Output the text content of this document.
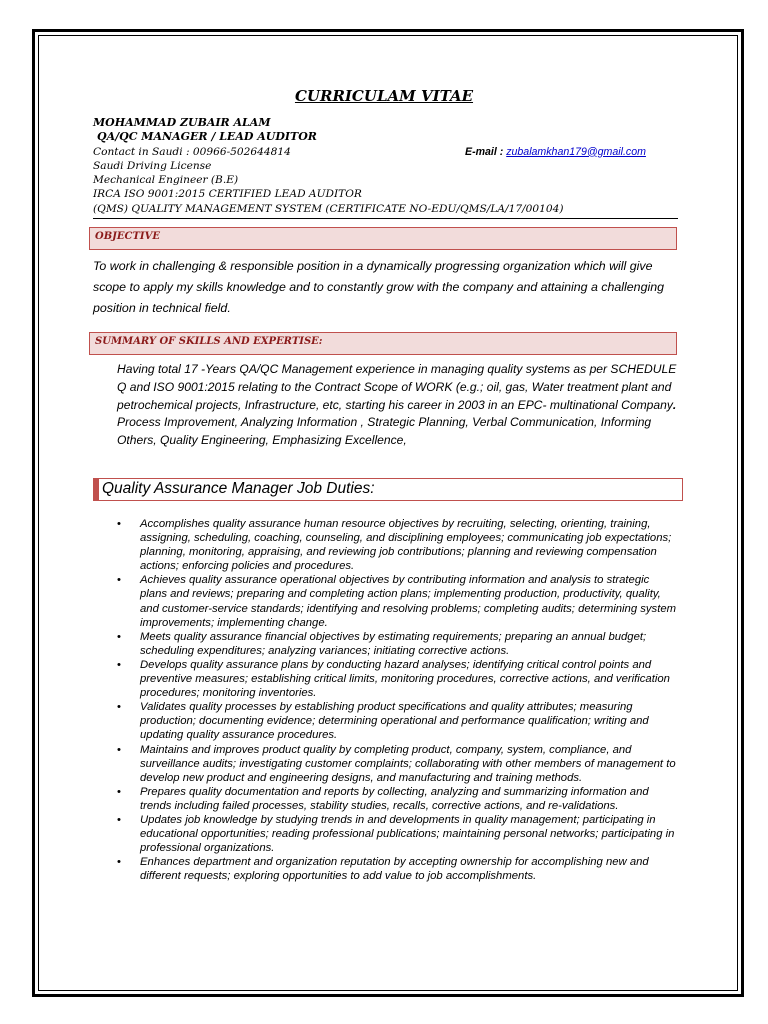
CURRICULAM VITAE
MOHAMMAD ZUBAIR ALAM
QA/QC MANAGER / LEAD AUDITOR
Contact in Saudi : 00966-502644814	E-mail : zubalamkhan179@gmail.com
Saudi Driving License
Mechanical Engineer (B.E)
IRCA ISO 9001:2015 CERTIFIED LEAD AUDITOR
(QMS) QUALITY MANAGEMENT SYSTEM (CERTIFICATE NO-EDU/QMS/LA/17/00104)
OBJECTIVE
To work in challenging & responsible position in a dynamically progressing organization which will give scope to apply my skills knowledge and to constantly grow with the company and attaining a challenging position in technical field.
SUMMARY OF SKILLS AND EXPERTISE:
Having total 17 -Years QA/QC Management experience in managing quality systems as per SCHEDULE Q and ISO 9001:2015 relating to the Contract Scope of WORK (e.g.; oil, gas, Water treatment plant and petrochemical projects, Infrastructure, etc, starting his career in 2003 in an EPC- multinational Company. Process Improvement, Analyzing Information , Strategic Planning, Verbal Communication, Informing Others, Quality Engineering, Emphasizing Excellence,
Quality Assurance Manager Job Duties:
• Accomplishes quality assurance human resource objectives by recruiting, selecting, orienting, training, assigning, scheduling, coaching, counseling, and disciplining employees; communicating job expectations; planning, monitoring, appraising, and reviewing job contributions; planning and reviewing compensation actions; enforcing policies and procedures.
• Achieves quality assurance operational objectives by contributing information and analysis to strategic plans and reviews; preparing and completing action plans; implementing production, productivity, quality, and customer-service standards; identifying and resolving problems; completing audits; determining system improvements; implementing change.
• Meets quality assurance financial objectives by estimating requirements; preparing an annual budget; scheduling expenditures; analyzing variances; initiating corrective actions.
• Develops quality assurance plans by conducting hazard analyses; identifying critical control points and preventive measures; establishing critical limits, monitoring procedures, corrective actions, and verification procedures; monitoring inventories.
• Validates quality processes by establishing product specifications and quality attributes; measuring production; documenting evidence; determining operational and performance qualification; writing and updating quality assurance procedures.
• Maintains and improves product quality by completing product, company, system, compliance, and surveillance audits; investigating customer complaints; collaborating with other members of management to develop new product and engineering designs, and manufacturing and training methods.
• Prepares quality documentation and reports by collecting, analyzing and summarizing information and trends including failed processes, stability studies, recalls, corrective actions, and re-validations.
• Updates job knowledge by studying trends in and developments in quality management; participating in educational opportunities; reading professional publications; maintaining personal networks; participating in professional organizations.
• Enhances department and organization reputation by accepting ownership for accomplishing new and different requests; exploring opportunities to add value to job accomplishments.
